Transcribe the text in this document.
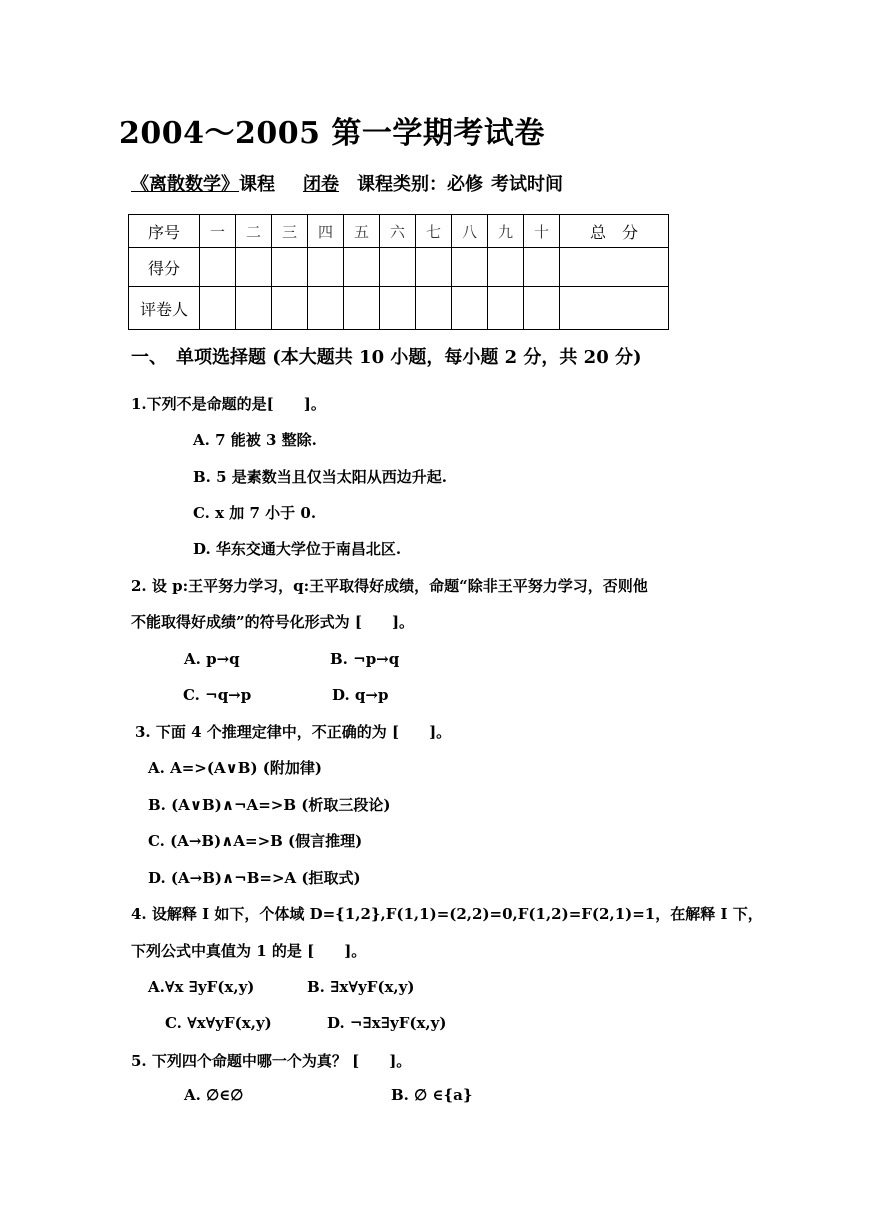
2004～2005 第一学期考试卷
《离散数学》课程 闭卷 课程类别：必修 考试时间
序号	一	二	三	四	五	六	七	八	九	十	总　分
得分											
评卷人											
一、　单项选择题 (本大题共 10 小题，每小题 2 分，共 20 分)
1.下列不是命题的是[　　]。
A. 7 能被 3 整除.
B. 5 是素数当且仅当太阳从西边升起.
C. x 加 7 小于 0.
D. 华东交通大学位于南昌北区.
2. 设 p:王平努力学习，q:王平取得好成绩，命题“除非王平努力学习，否则他
不能取得好成绩”的符号化形式为 [　　]。
A. p→q	B. ¬p→q
C. ¬q→p	D. q→p
3. 下面 4 个推理定律中，不正确的为 [　　]。
A. A=>(A∨B) (附加律)
B. (A∨B)∧¬A=>B (析取三段论)
C. (A→B)∧A=>B (假言推理)
D. (A→B)∧¬B=>A (拒取式)
4. 设解释 I 如下，个体域 D={1,2},F(1,1)=(2,2)=0,F(1,2)=F(2,1)=1，在解释 I 下，
下列公式中真值为 1 的是 [　　]。
A.∀x ∃yF(x,y)	B. ∃x∀yF(x,y)
C. ∀x∀yF(x,y)	D. ¬∃x∃yF(x,y)
5. 下列四个命题中哪一个为真？ [　　]。
A. ∅∈∅	B. ∅ ∈{a}
